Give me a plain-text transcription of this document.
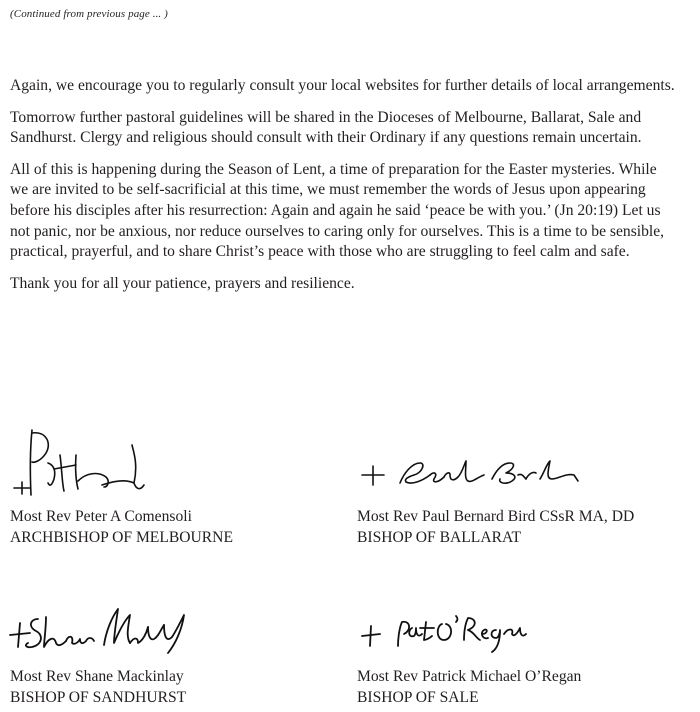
(Continued from previous page ... )

Again, we encourage you to regularly consult your local websites for further details of local arrangements.

Tomorrow further pastoral guidelines will be shared in the Dioceses of Melbourne, Ballarat, Sale and Sandhurst. Clergy and religious should consult with their Ordinary if any questions remain uncertain.

All of this is happening during the Season of Lent, a time of preparation for the Easter mysteries. While we are invited to be self-sacrificial at this time, we must remember the words of Jesus upon appearing before his disciples after his resurrection: Again and again he said ‘peace be with you.’ (Jn 20:19) Let us not panic, nor be anxious, nor reduce ourselves to caring only for ourselves. This is a time to be sensible, practical, prayerful, and to share Christ’s peace with those who are struggling to feel calm and safe.

Thank you for all your patience, prayers and resilience.

Most Rev Peter A Comensoli
ARCHBISHOP OF MELBOURNE
Most Rev Paul Bernard Bird CSsR MA, DD
BISHOP OF BALLARAT
Most Rev Shane Mackinlay
BISHOP OF SANDHURST
Most Rev Patrick Michael O’Regan
BISHOP OF SALE
